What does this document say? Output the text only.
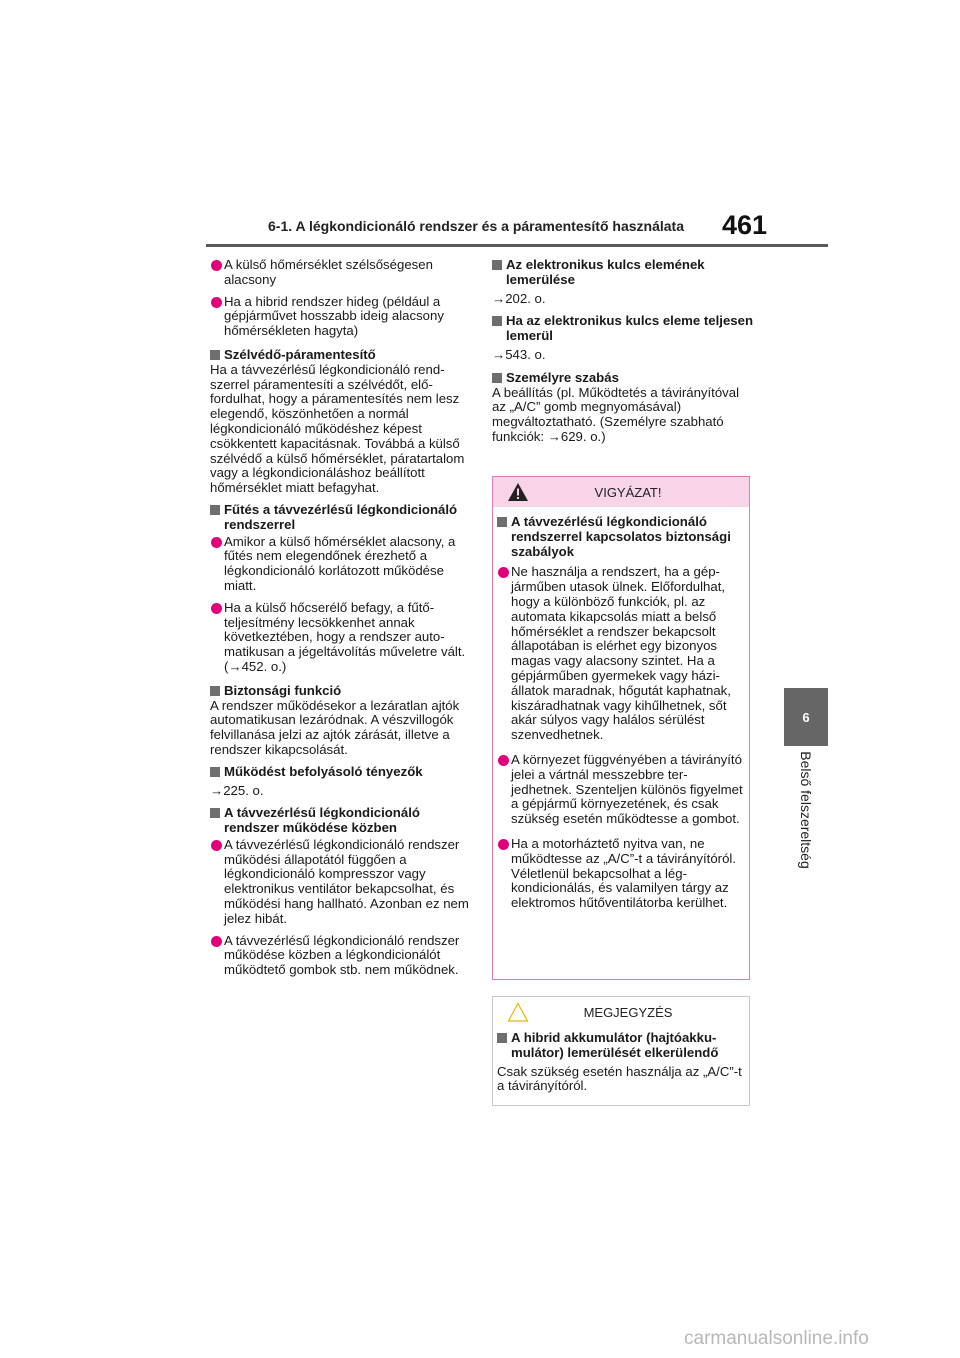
6-1. A légkondicionáló rendszer és a páramentesítő használata 461
6
Belső felszereltség
A külső hőmérséklet szélsőségesen alacsony
Ha a hibrid rendszer hideg (például a gépjárművet hosszabb ideig alacsony hőmérsékleten hagyta)
Szélvédő-páramentesítő

Ha a távvezérlésű légkondicionáló rendszerrel páramentesíti a szélvédőt, előfordulhat, hogy a páramentesítés nem lesz elegendő, köszönhetően a normál légkondicionáló működéshez képest csökkentett kapacitásnak. Továbbá a külső szélvédő a külső hőmérséklet, páratartalom vagy a légkondicionáláshoz beállított hőmérséklet miatt befagyhat.

Fűtés a távvezérlésű légkondicionáló rendszerrel
Amikor a külső hőmérséklet alacsony, a fűtés nem elegendőnek érezhető a légkondicionáló korlátozott működése miatt.
Ha a külső hőcserélő befagy, a fűtőteljesítmény lecsökkenhet annak következtében, hogy a rendszer automatikusan a jégeltávolítás műveletre vált. (→452. o.)
Biztonsági funkció

A rendszer működésekor a lezáratlan ajtók automatikusan lezáródnak. A vészvillogók felvillanása jelzi az ajtók zárását, illetve a rendszer kikapcsolását.

Működést befolyásoló tényezők

→225. o.

A távvezérlésű légkondicionáló rendszer működése közben
A távvezérlésű légkondicionáló rendszer működési állapotától függően a légkondicionáló kompresszor vagy elektronikus ventilátor bekapcsolhat, és működési hang hallható. Azonban ez nem jelez hibát.
A távvezérlésű légkondicionáló rendszer működése közben a légkondicionálót működtető gombok stb. nem működnek.
Az elektronikus kulcs elemének lemerülése

→202. o.

Ha az elektronikus kulcs eleme teljesen lemerül

→543. o.

Személyre szabás

A beállítás (pl. Működtetés a távirányítóval az „A/C” gomb megnyomásával) megváltoztatható. (Személyre szabható funkciók: →629. o.)

VIGYÁZAT!
A távvezérlésű légkondicionáló rendszerrel kapcsolatos biztonsági szabályok
Ne használja a rendszert, ha a gépjárműben utasok ülnek. Előfordulhat, hogy a különböző funkciók, pl. az automata kikapcsolás miatt a belső hőmérséklet a rendszer bekapcsolt állapotában is elérhet egy bizonyos magas vagy alacsony szintet. Ha a gépjárműben gyermekek vagy háziállatok maradnak, hőgutát kaphatnak, kiszáradhatnak vagy kihűlhetnek, sőt akár súlyos vagy halálos sérülést szenvedhetnek.
A környezet függvényében a távirányító jelei a vártnál messzebbre terjedhetnek. Szenteljen különös figyelmet a gépjármű környezetének, és csak szükség esetén működtesse a gombot.
Ha a motorháztető nyitva van, ne működtesse az „A/C”-t a távirányítóról. Véletlenül bekapcsolhat a légkondicionálás, és valamilyen tárgy az elektromos hűtőventilátorba kerülhet.
MEGJEGYZÉS
A hibrid akkumulátor (hajtóakkumulátor) lemerülését elkerülendő

Csak szükség esetén használja az „A/C”-t a távirányítóról.

carmanualsonline.info
